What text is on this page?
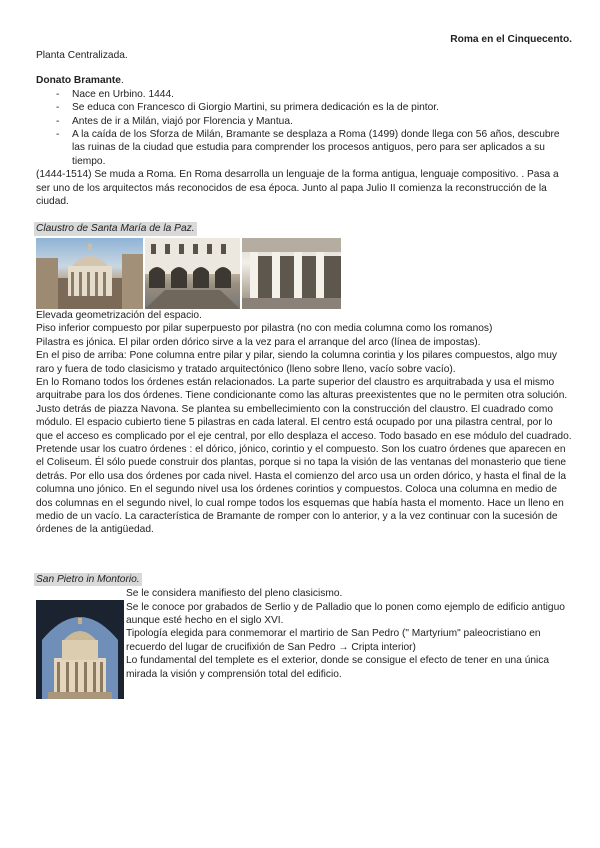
Roma en el Cinquecento.

Planta Centralizada.

Donato Bramante.

- Nace en Urbino. 1444.
- Se educa con Francesco di Giorgio Martini, su primera dedicación es la de pintor.
- Antes de ir a Milán, viajó por Florencia y Mantua.
- A la caída de los Sforza de Milán, Bramante se desplaza a Roma (1499) donde llega con 56 años, descubre las ruinas de la ciudad que estudia para comprender los procesos antiguos, pero para ser aplicados a su tiempo.

(1444-1514) Se muda a Roma. En Roma desarrolla un lenguaje de la forma antigua, lenguaje compositivo. . Pasa a ser uno de los arquitectos más reconocidos de esa época. Junto al papa Julio II comienza la reconstrucción de la ciudad.

Claustro de Santa María de la Paz.

Elevada geometrización del espacio.

Piso inferior compuesto por pilar superpuesto por pilastra (no con media columna como los romanos)

Pilastra es jónica. El pilar orden dórico sirve a la vez para el arranque del arco (línea de impostas).

En el piso de arriba: Pone columna entre pilar y pilar, siendo la columna corintia y los pilares compuestos, algo muy raro y fuera de todo clasicismo y tratado arquitectónico (lleno sobre lleno, vacío sobre vacío).

En lo Romano todos los órdenes están relacionados. La parte superior del claustro es arquitrabada y usa el mismo arquitrabe para los dos órdenes. Tiene condicionante como las alturas preexistentes que no le permiten otra solución.

Justo detrás de piazza Navona. Se plantea su embellecimiento con la construcción del claustro. El cuadrado como módulo. El espacio cubierto tiene 5 pilastras en cada lateral. El centro está ocupado por una pilastra central, por lo que el acceso es complicado por el eje central, por ello desplaza el acceso. Todo basado en ese módulo del cuadrado.

Pretende usar los cuatro órdenes : el dórico, jónico, corintio y el compuesto. Son los cuatro órdenes que aparecen en el Coliseum. Él sólo puede construir dos plantas, porque si no tapa la visión de las ventanas del monasterio que tiene detrás. Por ello usa dos órdenes por cada nivel. Hasta el comienzo del arco usa un orden dórico, y hasta el final de la columna uno jónico. En el segundo nivel usa los órdenes corintios y compuestos. Coloca una columna en medio de dos columnas en el segundo nivel, lo cual rompe todos los esquemas que había hasta el momento. Hace un lleno en medio de un vacío. La característica de Bramante de romper con lo anterior, y a la vez continuar con la sucesión de órdenes de la antigüedad.

San Pietro in Montorio.

Se le considera manifiesto del pleno clasicismo.

Se le conoce por grabados de Serlio y de Palladio que lo ponen como ejemplo de edificio antiguo aunque esté hecho en el siglo XVI.

Tipología elegida para conmemorar el martirio de San Pedro (" Martyrium" paleocristiano en recuerdo del lugar de crucifixión de San Pedro → Cripta interior)

Lo fundamental del templete es el exterior, donde se consigue el efecto de tener en una única mirada la visión y comprensión total del edificio.
